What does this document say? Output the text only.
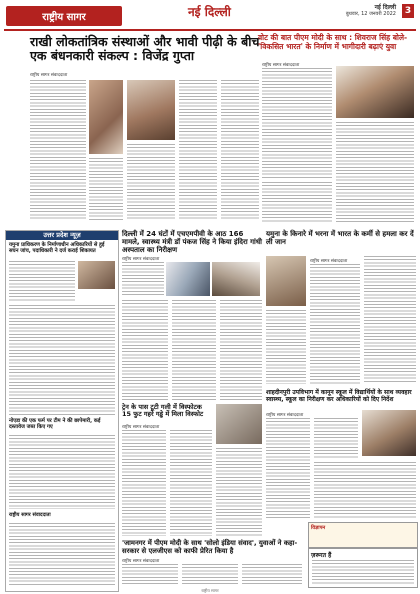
राष्ट्रीय सागर	नई दिल्ली	नई दिल्ली
बुधवार, 12 जनवरी 2022 3
राखी लोकतांत्रिक संस्थाओं और भावी पीढ़ी के बीच एक बंधनकारी संकल्प : विजेंद्र गुप्ता
राष्ट्रीय सागर संवाददाता
वोट की बात पीएम मोदी के साथ : शिवराज सिंह बोले-'विकसित भारत' के निर्माण में भागीदारी बढ़ाएं युवा
राष्ट्रीय सागर संवाददाता
उत्तर प्रदेश न्यूज़
यमुना प्राधिकरण के निर्माणाधीन अधिकारियों से हुई सघन जांच, पदाधिकारी ने दर्ज कराई शिकायत
नोएडा की एक फर्म पर टीम ने की छापेमारी, कई दस्तावेज जब्त किए गए
राष्ट्रीय सागर संवाददाता
दिल्ली में 24 घंटों में एचएमपीवी के आठ 166 मामले, स्वास्थ्य मंत्री डॉ पंकज सिंह ने किया इंदिरा गांधी अस्पताल का निरीक्षण
राष्ट्रीय सागर संवाददाता
यमुना के किनारे में भरना में भारत के कर्मी से हमला कर दें ली जान
राष्ट्रीय सागर संवाददाता
ट्रेन के पास टूटी गली में विस्फोटक 15 फुट गहरे गड्ढे में मिला विस्फोट
राष्ट्रीय सागर संवाददाता
शाहदीनपुरी उपविभाग में कानून स्कूल में विद्यार्थियों के साथ व्यवहार स्वास्थ्य, स्कूल का निरीक्षण कर अधिकारियों को दिए निर्देश
राष्ट्रीय सागर संवाददाता
'जामनगर में पीएम मोदी के साथ 'सोलो इंडिया संवाद', युवाओं ने कहा- सरकार से एलजीएस को काफी प्रेरित किया है
राष्ट्रीय सागर संवाददाता
विज्ञापन
ज़रूरत हैं
राष्ट्रीय सागर
